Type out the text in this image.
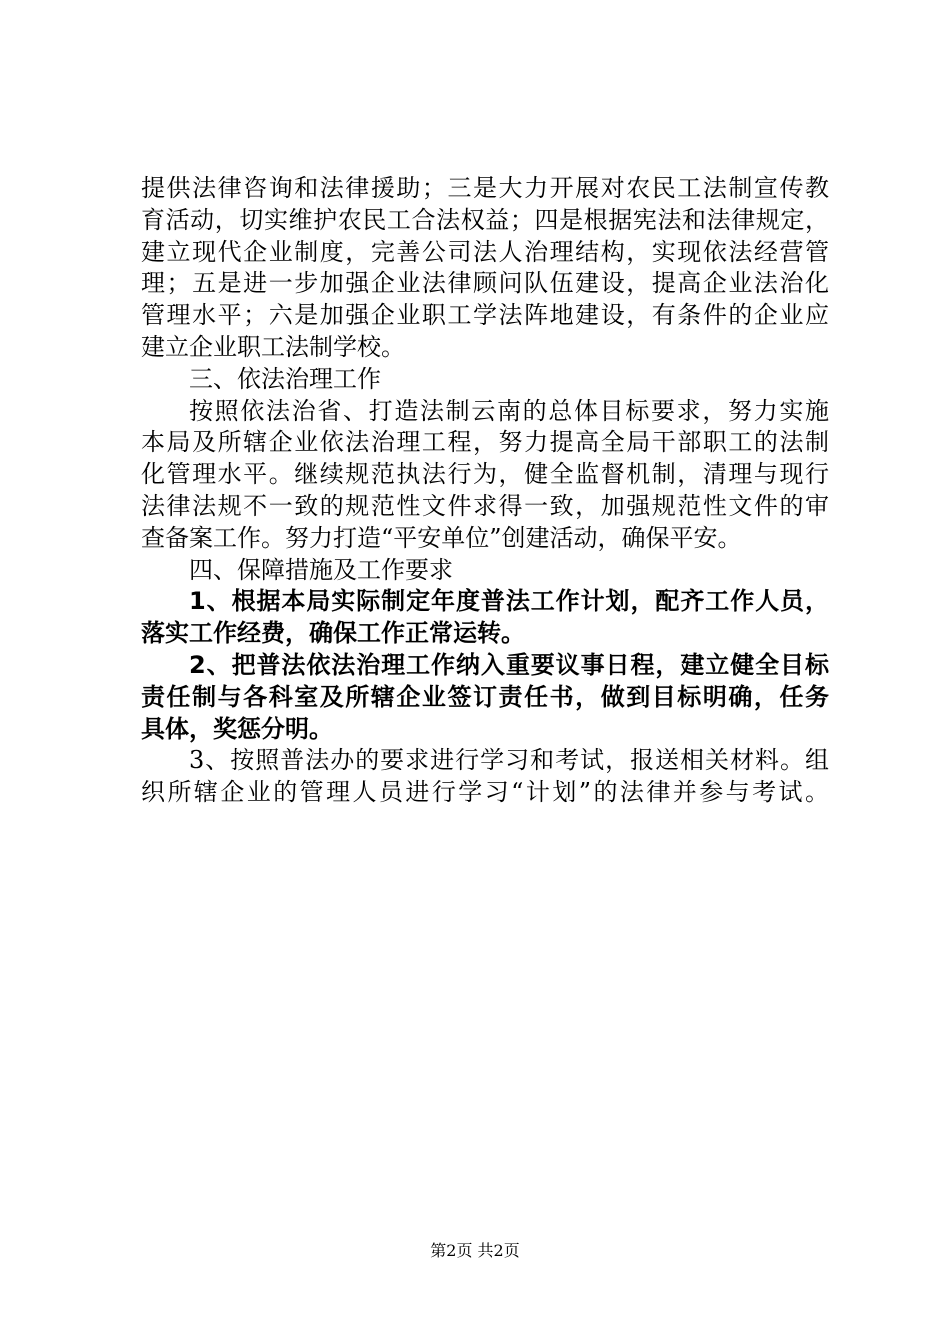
提供法律咨询和法律援助；三是大力开展对农民工法制宣传教
育活动，切实维护农民工合法权益；四是根据宪法和法律规定，
建立现代企业制度，完善公司法人治理结构，实现依法经营管
理；五是进一步加强企业法律顾问队伍建设，提高企业法治化
管理水平；六是加强企业职工学法阵地建设，有条件的企业应
建立企业职工法制学校。
三、依法治理工作
按照依法治省、打造法制云南的总体目标要求，努力实施
本局及所辖企业依法治理工程，努力提高全局干部职工的法制
化管理水平。继续规范执法行为，健全监督机制，清理与现行
法律法规不一致的规范性文件求得一致，加强规范性文件的审
查备案工作。努力打造“平安单位”创建活动，确保平安。
四、保障措施及工作要求
1、根据本局实际制定年度普法工作计划，配齐工作人员，
落实工作经费，确保工作正常运转。
2、把普法依法治理工作纳入重要议事日程，建立健全目标
责任制与各科室及所辖企业签订责任书，做到目标明确，任务
具体，奖惩分明。
3、按照普法办的要求进行学习和考试，报送相关材料。组
织所辖企业的管理人员进行学习“计划”的法律并参与考试。
第2页 共2页
